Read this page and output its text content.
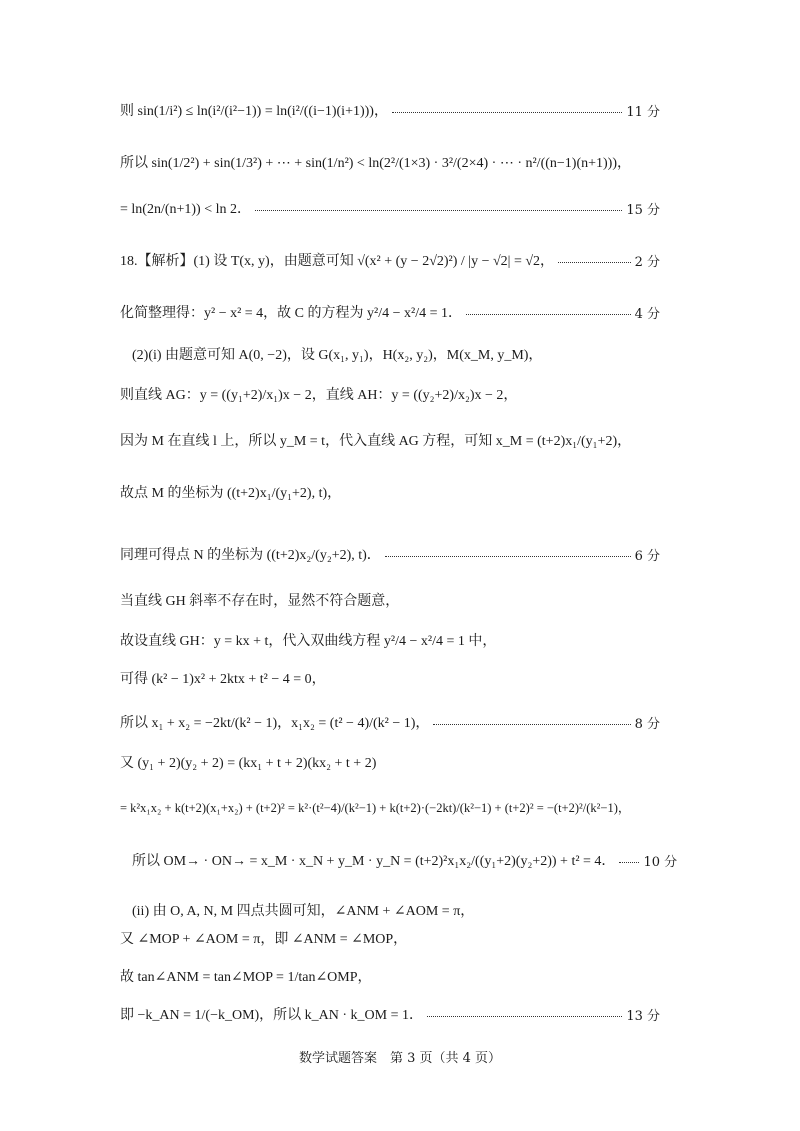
则 sin(1/i²) ≤ ln(i²/(i²−1)) = ln(i²/((i−1)(i+1)))，	11 分
所以 sin(1/2²) + sin(1/3²) + ⋯ + sin(1/n²) < ln(2²/(1×3) · 3²/(2×4) · ⋯ · n²/((n−1)(n+1)))，
= ln(2n/(n+1)) < ln 2．	15 分
18.【解析】(1) 设 T(x, y)，由题意可知 √(x² + (y − 2√2)²) / |y − √2| = √2，	2 分
化简整理得：y² − x² = 4，故 C 的方程为 y²/4 − x²/4 = 1．	4 分
(2)(i) 由题意可知 A(0, −2)，设 G(x₁, y₁)，H(x₂, y₂)，M(x_M, y_M)，
则直线 AG：y = ((y₁+2)/x₁)x − 2，直线 AH：y = ((y₂+2)/x₂)x − 2，
因为 M 在直线 l 上，所以 y_M = t，代入直线 AG 方程，可知 x_M = (t+2)x₁/(y₁+2)，
故点 M 的坐标为 ((t+2)x₁/(y₁+2), t)，
同理可得点 N 的坐标为 ((t+2)x₂/(y₂+2), t)．	6 分
当直线 GH 斜率不存在时，显然不符合题意，
故设直线 GH：y = kx + t，代入双曲线方程 y²/4 − x²/4 = 1 中，
可得 (k² − 1)x² + 2ktx + t² − 4 = 0，
所以 x₁ + x₂ = −2kt/(k² − 1)，x₁x₂ = (t² − 4)/(k² − 1)，	8 分
又 (y₁ + 2)(y₂ + 2) = (kx₁ + t + 2)(kx₂ + t + 2)
= k²x₁x₂ + k(t+2)(x₁+x₂) + (t+2)² = k²·(t²−4)/(k²−1) + k(t+2)·(−2kt)/(k²−1) + (t+2)² = −(t+2)²/(k²−1)，
所以 OM→ · ON→ = x_M · x_N + y_M · y_N = (t+2)²x₁x₂/((y₁+2)(y₂+2)) + t² = 4． 10 分
(ii) 由 O, A, N, M 四点共圆可知，∠ANM + ∠AOM = π，
又 ∠MOP + ∠AOM = π，即 ∠ANM = ∠MOP，
故 tan∠ANM = tan∠MOP = 1/tan∠OMP，
即 −k_AN = 1/(−k_OM)，所以 k_AN · k_OM = 1．	13 分
数学试题答案　第 3 页（共 4 页）
